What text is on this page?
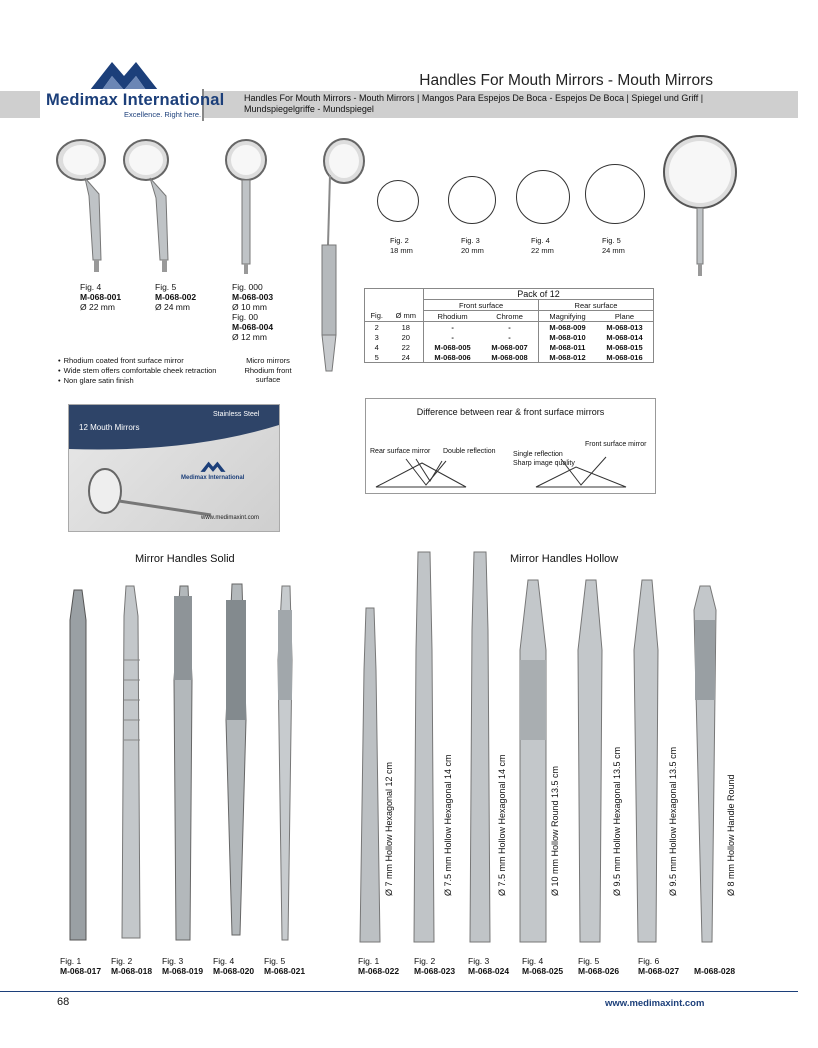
Handles For Mouth Mirrors - Mouth Mirrors
Medimax International
Excellence. Right here.
Handles For Mouth Mirrors - Mouth Mirrors | Mangos Para Espejos De Boca - Espejos De Boca | Spiegel und Griff |
Mundspiegelgriffe - Mundspiegel
Fig. 4
M-068-001
Ø 22 mm
Fig. 5
M-068-002
Ø 24 mm
Fig. 000
M-068-003
Ø 10 mm
Fig. 00
M-068-004
Ø 12 mm
Micro mirrors
Rhodium front surface
• Rhodium coated front surface mirror
• Wide stem offers comfortable cheek retraction
• Non glare satin finish
Stainless Steel
12 Mouth Mirrors
Medimax International
www.medimaxint.com
Fig. 2
18 mm
Fig. 3
20 mm
Fig. 4
22 mm
Fig. 5
24 mm
		Pack of 12			
		Front surface		Rear surface	
Fig.	Ø mm	Rhodium	Chrome	Magnifying	Plane
2	18	-	-	M-068-009	M-068-013
3	20	-	-	M-068-010	M-068-014
4	22	M-068-005	M-068-007	M-068-011	M-068-015
5	24	M-068-006	M-068-008	M-068-012	M-068-016
Difference between rear & front surface mirrors
Rear surface mirror Double reflection
Front surface mirror
Single reflection
Sharp image quality
Mirror Handles Solid
Fig. 1
M-068-017
Fig. 2
M-068-018
Fig. 3
M-068-019
Fig. 4
M-068-020
Fig. 5
M-068-021
Mirror Handles Hollow
Ø 7 mm Hollow Hexagonal 12 cm	Ø 7.5 mm Hollow Hexagonal 14 cm	Ø 7.5 mm Hollow Hexagonal 14 cm	Ø 10 mm Hollow Round 13.5 cm	Ø 9.5 mm Hollow Hexagonal 13.5 cm	Ø 9.5 mm Hollow Hexagonal 13.5 cm	Ø 8 mm Hollow Handle Round
Fig. 1
M-068-022
Fig. 2
M-068-023
Fig. 3
M-068-024
Fig. 4
M-068-025
Fig. 5
M-068-026
Fig. 6
M-068-027
M-068-028
68	www.medimaxint.com
